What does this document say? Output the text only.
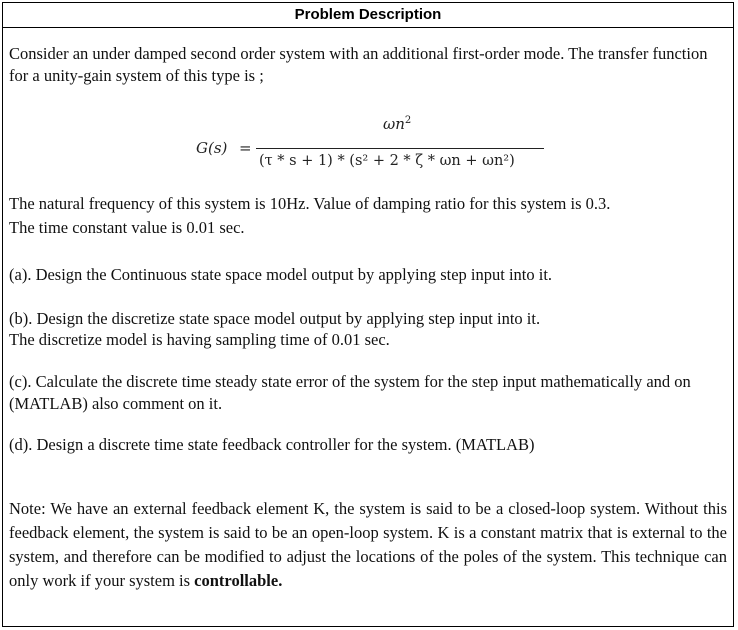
Problem Description

Consider an under damped second order system with an additional first-order mode. The transfer function for a unity-gain system of this type is ;

G(s) =
$\omega n^2$
(τ * s + 1) * (s² + 2 * ζ * ωn + ωn²)

The natural frequency of this system is 10Hz. Value of damping ratio for this system is 0.3.

The time constant value is 0.01 sec.

(a). Design the Continuous state space model output by applying step input into it.

(b). Design the discretize state space model output by applying step input into it.

The discretize model is having sampling time of 0.01 sec.

(c). Calculate the discrete time steady state error of the system for the step input mathematically and on (MATLAB) also comment on it.

(d). Design a discrete time state feedback controller for the system. (MATLAB)

Note: We have an external feedback element K, the system is said to be a closed-loop system. Without this feedback element, the system is said to be an open-loop system. K is a constant matrix that is external to the system, and therefore can be modified to adjust the locations of the poles of the system. This technique can only work if your system is controllable.
